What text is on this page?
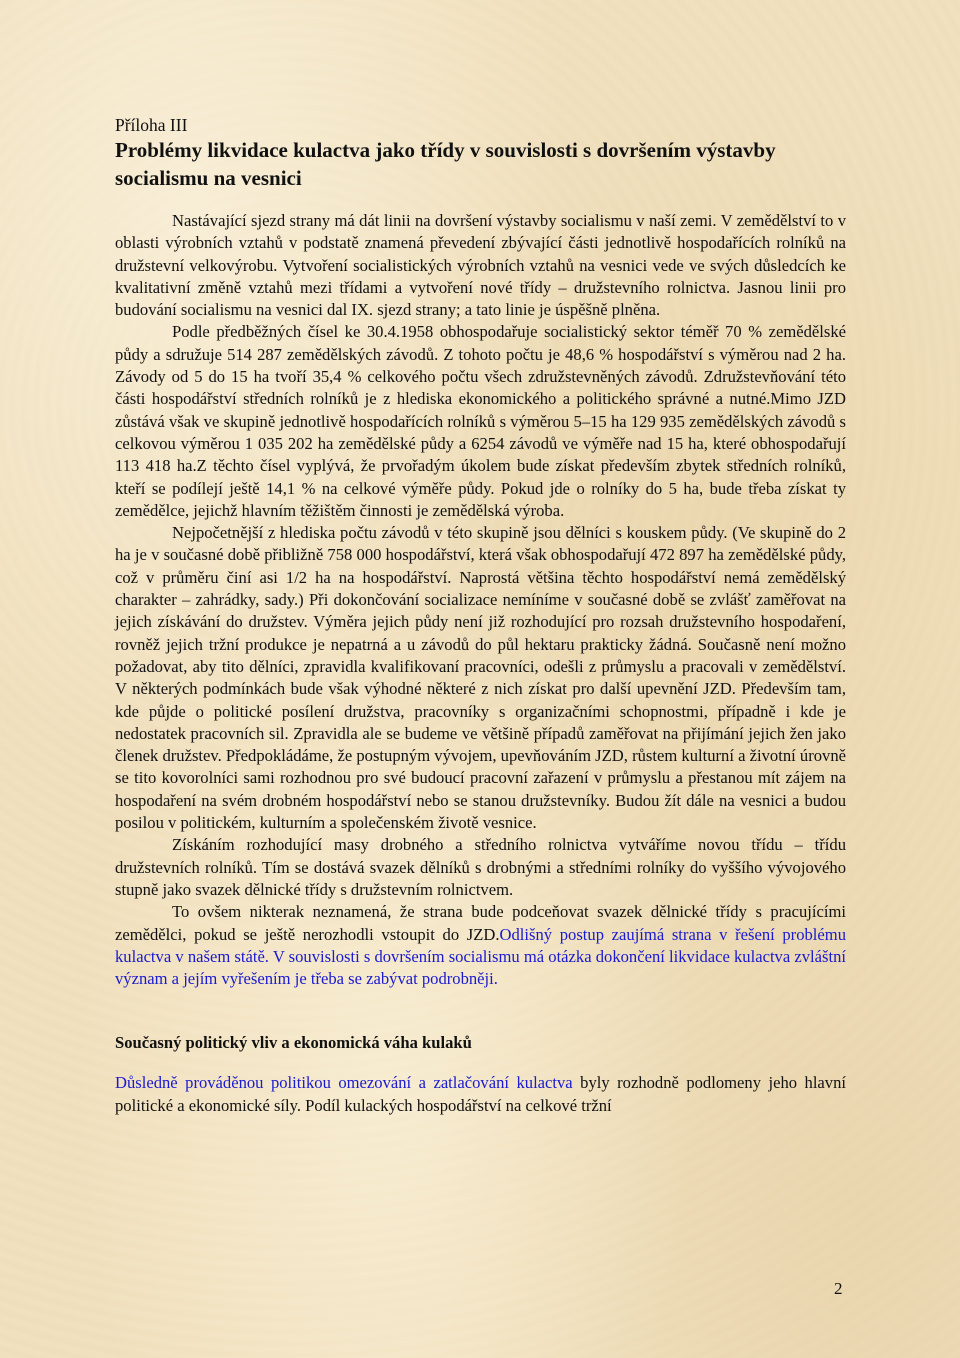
Příloha III
Problémy likvidace kulactva jako třídy v souvislosti s dovršením výstavby socialismu na vesnici

Nastávající sjezd strany má dát linii na dovršení výstavby socialismu v naší zemi. V zemědělství to v oblasti výrobních vztahů v podstatě znamená převedení zbývající části jednotlivě hospodařících rolníků na družstevní velkovýrobu. Vytvoření socialistických výrobních vztahů na vesnici vede ve svých důsledcích ke kvalitativní změně vztahů mezi třídami a vytvoření nové třídy – družstevního rolnictva. Jasnou linii pro budování socialismu na vesnici dal IX. sjezd strany; a tato linie je úspěšně plněna.

Podle předběžných čísel ke 30.4.1958 obhospodařuje socialistický sektor téměř 70 % zemědělské půdy a sdružuje 514 287 zemědělských závodů. Z tohoto počtu je 48,6 % hospodářství s výměrou nad 2 ha. Závody od 5 do 15 ha tvoří 35,4 % celkového počtu všech združstevněných závodů. Združstevňování této části hospodářství středních rolníků je z hlediska ekonomického a politického správné a nutné.Mimo JZD zůstává však ve skupině jednotlivě hospodařících rolníků s výměrou 5–15 ha 129 935 zemědělských závodů s celkovou výměrou 1 035 202 ha zemědělské půdy a 6254 závodů ve výměře nad 15 ha, které obhospodařují 113 418 ha.Z těchto čísel vyplývá, že prvořadým úkolem bude získat především zbytek středních rolníků, kteří se podílejí ještě 14,1 % na celkové výměře půdy. Pokud jde o rolníky do 5 ha, bude třeba získat ty zemědělce, jejichž hlavním těžištěm činnosti je zemědělská výroba.

Nejpočetnější z hlediska počtu závodů v této skupině jsou dělníci s kouskem půdy. (Ve skupině do 2 ha je v současné době přibližně 758 000 hospodářství, která však obhospodařují 472 897 ha zemědělské půdy, což v průměru činí asi 1/2 ha na hospodářství. Naprostá většina těchto hospodářství nemá zemědělský charakter – zahrádky, sady.) Při dokončování socializace nemíníme v současné době se zvlášť zaměřovat na jejich získávání do družstev. Výměra jejich půdy není již rozhodující pro rozsah družstevního hospodaření, rovněž jejich tržní produkce je nepatrná a u závodů do půl hektaru prakticky žádná. Současně není možno požadovat, aby tito dělníci, zpravidla kvalifikovaní pracovníci, odešli z průmyslu a pracovali v zemědělství. V některých podmínkách bude však výhodné některé z nich získat pro další upevnění JZD. Především tam, kde půjde o politické posílení družstva, pracovníky s organizačními schopnostmi, případně i kde je nedostatek pracovních sil. Zpravidla ale se budeme ve většině případů zaměřovat na přijímání jejich žen jako členek družstev. Předpokládáme, že postupným vývojem, upevňováním JZD, růstem kulturní a životní úrovně se tito kovorolníci sami rozhodnou pro své budoucí pracovní zařazení v průmyslu a přestanou mít zájem na hospodaření na svém drobném hospodářství nebo se stanou družstevníky. Budou žít dále na vesnici a budou posilou v politickém, kulturním a společenském životě vesnice.

Získáním rozhodující masy drobného a středního rolnictva vytváříme novou třídu – třídu družstevních rolníků. Tím se dostává svazek dělníků s drobnými a středními rolníky do vyššího vývojového stupně jako svazek dělnické třídy s družstevním rolnictvem.

To ovšem nikterak neznamená, že strana bude podceňovat svazek dělnické třídy s pracujícími zemědělci, pokud se ještě nerozhodli vstoupit do JZD.Odlišný postup zaujímá strana v řešení problému kulactva v našem státě. V souvislosti s dovršením socialismu má otázka dokončení likvidace kulactva zvláštní význam a jejím vyřešením je třeba se zabývat podrobněji.

Současný politický vliv a ekonomická váha kulaků

Důsledně prováděnou politikou omezování a zatlačování kulactva byly rozhodně podlomeny jeho hlavní politické a ekonomické síly. Podíl kulackých hospodářství na celkové tržní

2
